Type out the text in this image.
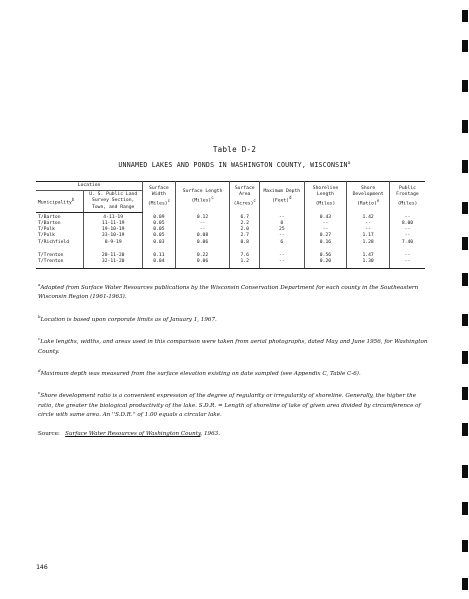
Table D-2
UNNAMED LAKES AND PONDS IN WASHINGTON COUNTY, WISCONSIN$^a$
Location		Surface Width (Miles)$^c$	Surface Length (Miles)$^c$	Surface Area (Acres)$^c$	Maximum Depth (Feet)$^d$	Shoreline Length (Miles)	Shore Development (Ratio)$^e$	Public Frontage (Miles)
Municipality$^b$	U. S. Public Land Survey Section, Town, and Range							
T/Barton	4-11-19	0.09	0.12	6.7	--	0.43	1.42	--
T/Barton	11-11-19	0.05	--	2.2	8	--	--	8.00
T/Polk	19-10-19	0.05	--	2.0	25	--	--	--
T/Polk	33-10-19	0.05	0.08	2.7	--	0.27	1.17	--
T/Richfield	8-9-19	0.03	0.06	0.8	6	0.16	1.28	7.40

T/Trenton	28-11-20	0.11	0.22	7.6	--	0.56	1.47	--
T/Trenton	32-11-20	0.04	0.06	1.2	--	0.20	1.30	--

$^a$Adapted from Surface Water Resources publications by the Wisconsin Conservation Department for each county in the Southeastern Wisconsin Region (1961-1963).

$^b$Location is based upon corporate limits as of January 1, 1967.

$^c$Lake lengths, widths, and areas used in this comparison were taken from aerial photographs, dated May and June 1956, for Washington County.

$^d$Maximum depth was measured from the surface elevation existing on date sampled (see Appendix C, Table C-6).

$^e$Shore development ratio is a convenient expression of the degree of regularity or irregularity of shoreline. Generally, the higher the ratio, the greater the biological productivity of the lake. S.D.R. = Length of shoreline of lake of given area divided by circumference of circle with same area. An ''S.D.R.'' of 1.00 equals a circular lake.

Source: Surface Water Resources of Washington County, 1963.

146
